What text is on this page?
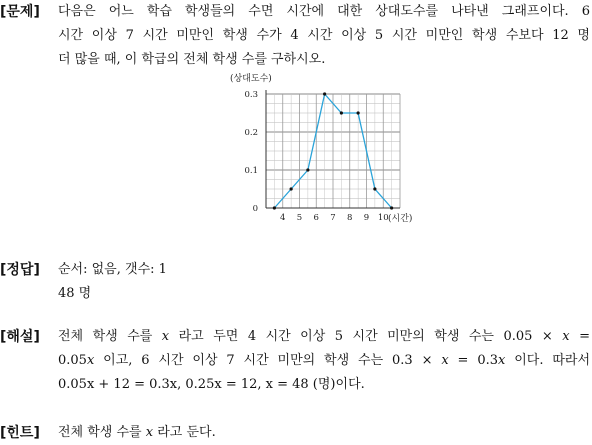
[문제] 다음은 어느 학습 학생들의 수면 시간에 대한 상대도수를 나타낸 그래프이다. 6
시간 이상 7 시간 미만인 학생 수가 4 시간 이상 5 시간 미만인 학생 수보다 12 명
더 많을 때, 이 학급의 전체 학생 수를 구하시오.
0
0.1
0.2
0.3
4 5 6 7 8 9 10
(상대도수)
(시간)
[정답] 순서: 없음, 갯수: 1
48 명
[해설] 전체 학생 수를 x 라고 두면 4 시간 이상 5 시간 미만의 학생 수는 0.05 × x =
0.05x 이고, 6 시간 이상 7 시간 미만의 학생 수는 0.3 × x = 0.3x 이다. 따라서
0.05x + 12 = 0.3x, 0.25x = 12, x = 48 (명)이다.
[힌트] 전체 학생 수를 x 라고 둔다.
